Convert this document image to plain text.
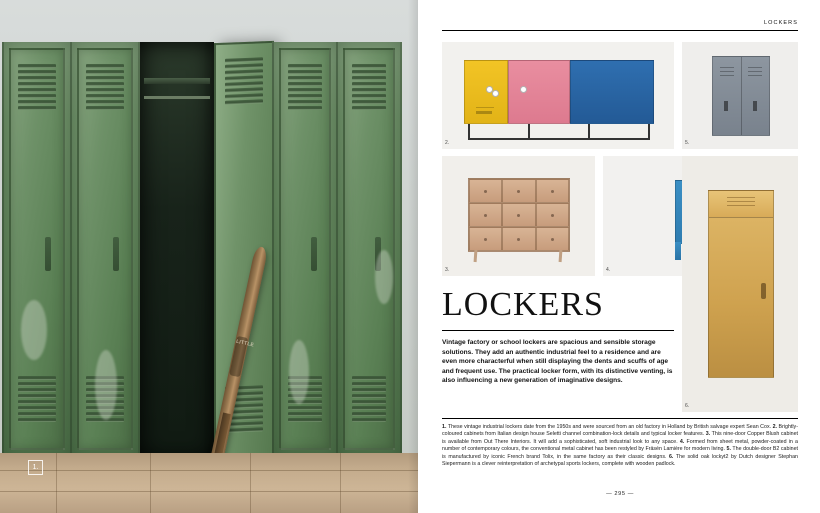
LITTLE
1.
LOCKERS
2.	5.
3.	4.
6.
LOCKERS
Vintage factory or school lockers are spacious and sensible storage solutions. They add an authentic industrial feel to a residence and are even more characterful when still displaying the dents and scuffs of age and frequent use. The practical locker form, with its distinctive venting, is also influencing a new generation of imaginative designs.
1. These vintage industrial lockers date from the 1950s and were sourced from an old factory in Holland by British salvage expert Sean Cox. 2. Brightly-coloured cabinets from Italian design house Seletti channel combination-lock details and typical locker features. 3. This nine-door Copper Blush cabinet is available from Out There Interiors. It will add a sophisticated, soft industrial look to any space. 4. Formed from sheet metal, powder-coated in a number of contemporary colours, the conventional metal cabinet has been restyled by Fräsén Lamière for modern living. 5. The double-door B2 cabinet is manufactured by iconic French brand Tolix, in the same factory as their classic designs. 6. The solid oak lockyt2 by Dutch designer Stephan Siepermann is a clever reinterpretation of archetypal sports lockers, complete with wooden padlock.
— 295 —
